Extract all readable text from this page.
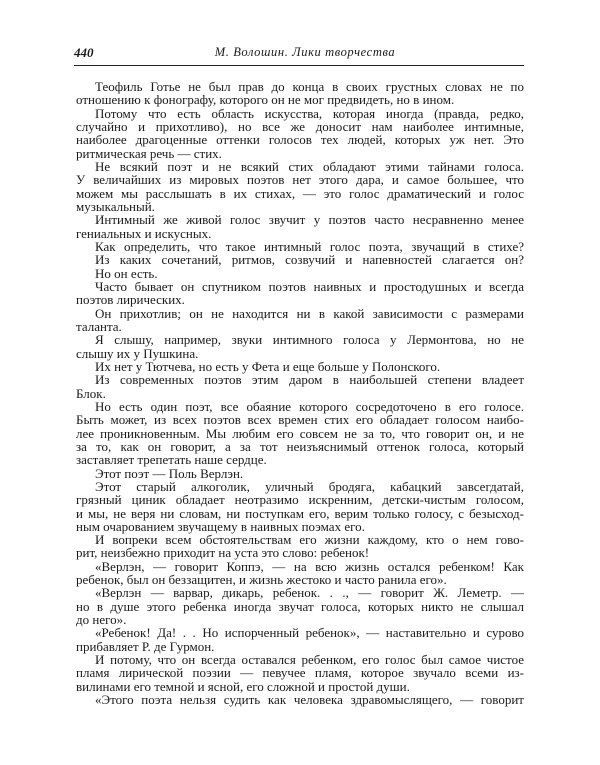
440	М. Волошин. Лики творчества
Теофиль Готье не был прав до конца в своих грустных словах не по
отношению к фонографу, которого он не мог предвидеть, но в ином.
Потому что есть область искусства, которая иногда (правда, редко,
случайно и прихотливо), но все же доносит нам наиболее интимные,
наиболее драгоценные оттенки голосов тех людей, которых уж нет. Это
ритмическая речь — стих.
Не всякий поэт и не всякий стих обладают этими тайнами голоса.
У величайших из мировых поэтов нет этого дара, и самое большее, что
можем мы расслышать в их стихах, — это голос драматический и голос
музыкальный.
Интимный же живой голос звучит у поэтов часто несравненно менее
гениальных и искусных.
Как определить, что такое интимный голос поэта, звучащий в стихе?
Из каких сочетаний, ритмов, созвучий и напевностей слагается он?
Но он есть.
Часто бывает он спутником поэтов наивных и простодушных и всегда
поэтов лирических.
Он прихотлив; он не находится ни в какой зависимости с размерами
таланта.
Я слышу, например, звуки интимного голоса у Лермонтова, но не
слышу их у Пушкина.
Их нет у Тютчева, но есть у Фета и еще больше у Полонского.
Из современных поэтов этим даром в наибольшей степени владеет
Блок.
Но есть один поэт, все обаяние которого сосредоточено в его голосе.
Быть может, из всех поэтов всех времен стих его обладает голосом наибо-
лее проникновенным. Мы любим его совсем не за то, что говорит он, и не
за то, как он говорит, а за тот неизъяснимый оттенок голоса, который
заставляет трепетать наше сердце.
Этот поэт — Поль Верлэн.
Этот старый алкоголик, уличный бродяга, кабацкий завсегдатай,
грязный циник обладает неотразимо искренним, детски-чистым голосом,
и мы, не веря ни словам, ни поступкам его, верим только голосу, с безысход-
ным очарованием звучащему в наивных поэмах его.
И вопреки всем обстоятельствам его жизни каждому, кто о нем гово-
рит, неизбежно приходит на уста это слово: ребенок!
«Верлэн, — говорит Коппэ, — на всю жизнь остался ребенком! Как
ребенок, был он беззащитен, и жизнь жестоко и часто ранила его».
«Верлэн — варвар, дикарь, ребенок. . ., — говорит Ж. Леметр. —
но в душе этого ребенка иногда звучат голоса, которых никто не слышал
до него».
«Ребенок! Да! . . Но испорченный ребенок», — наставительно и сурово
прибавляет Р. де Гурмон.
И потому, что он всегда оставался ребенком, его голос был самое чистое
пламя лирической поэзии — певучее пламя, которое звучало всеми из-
вилинами его темной и ясной, его сложной и простой души.
«Этого поэта нельзя судить как человека здравомыслящего, — говорит
